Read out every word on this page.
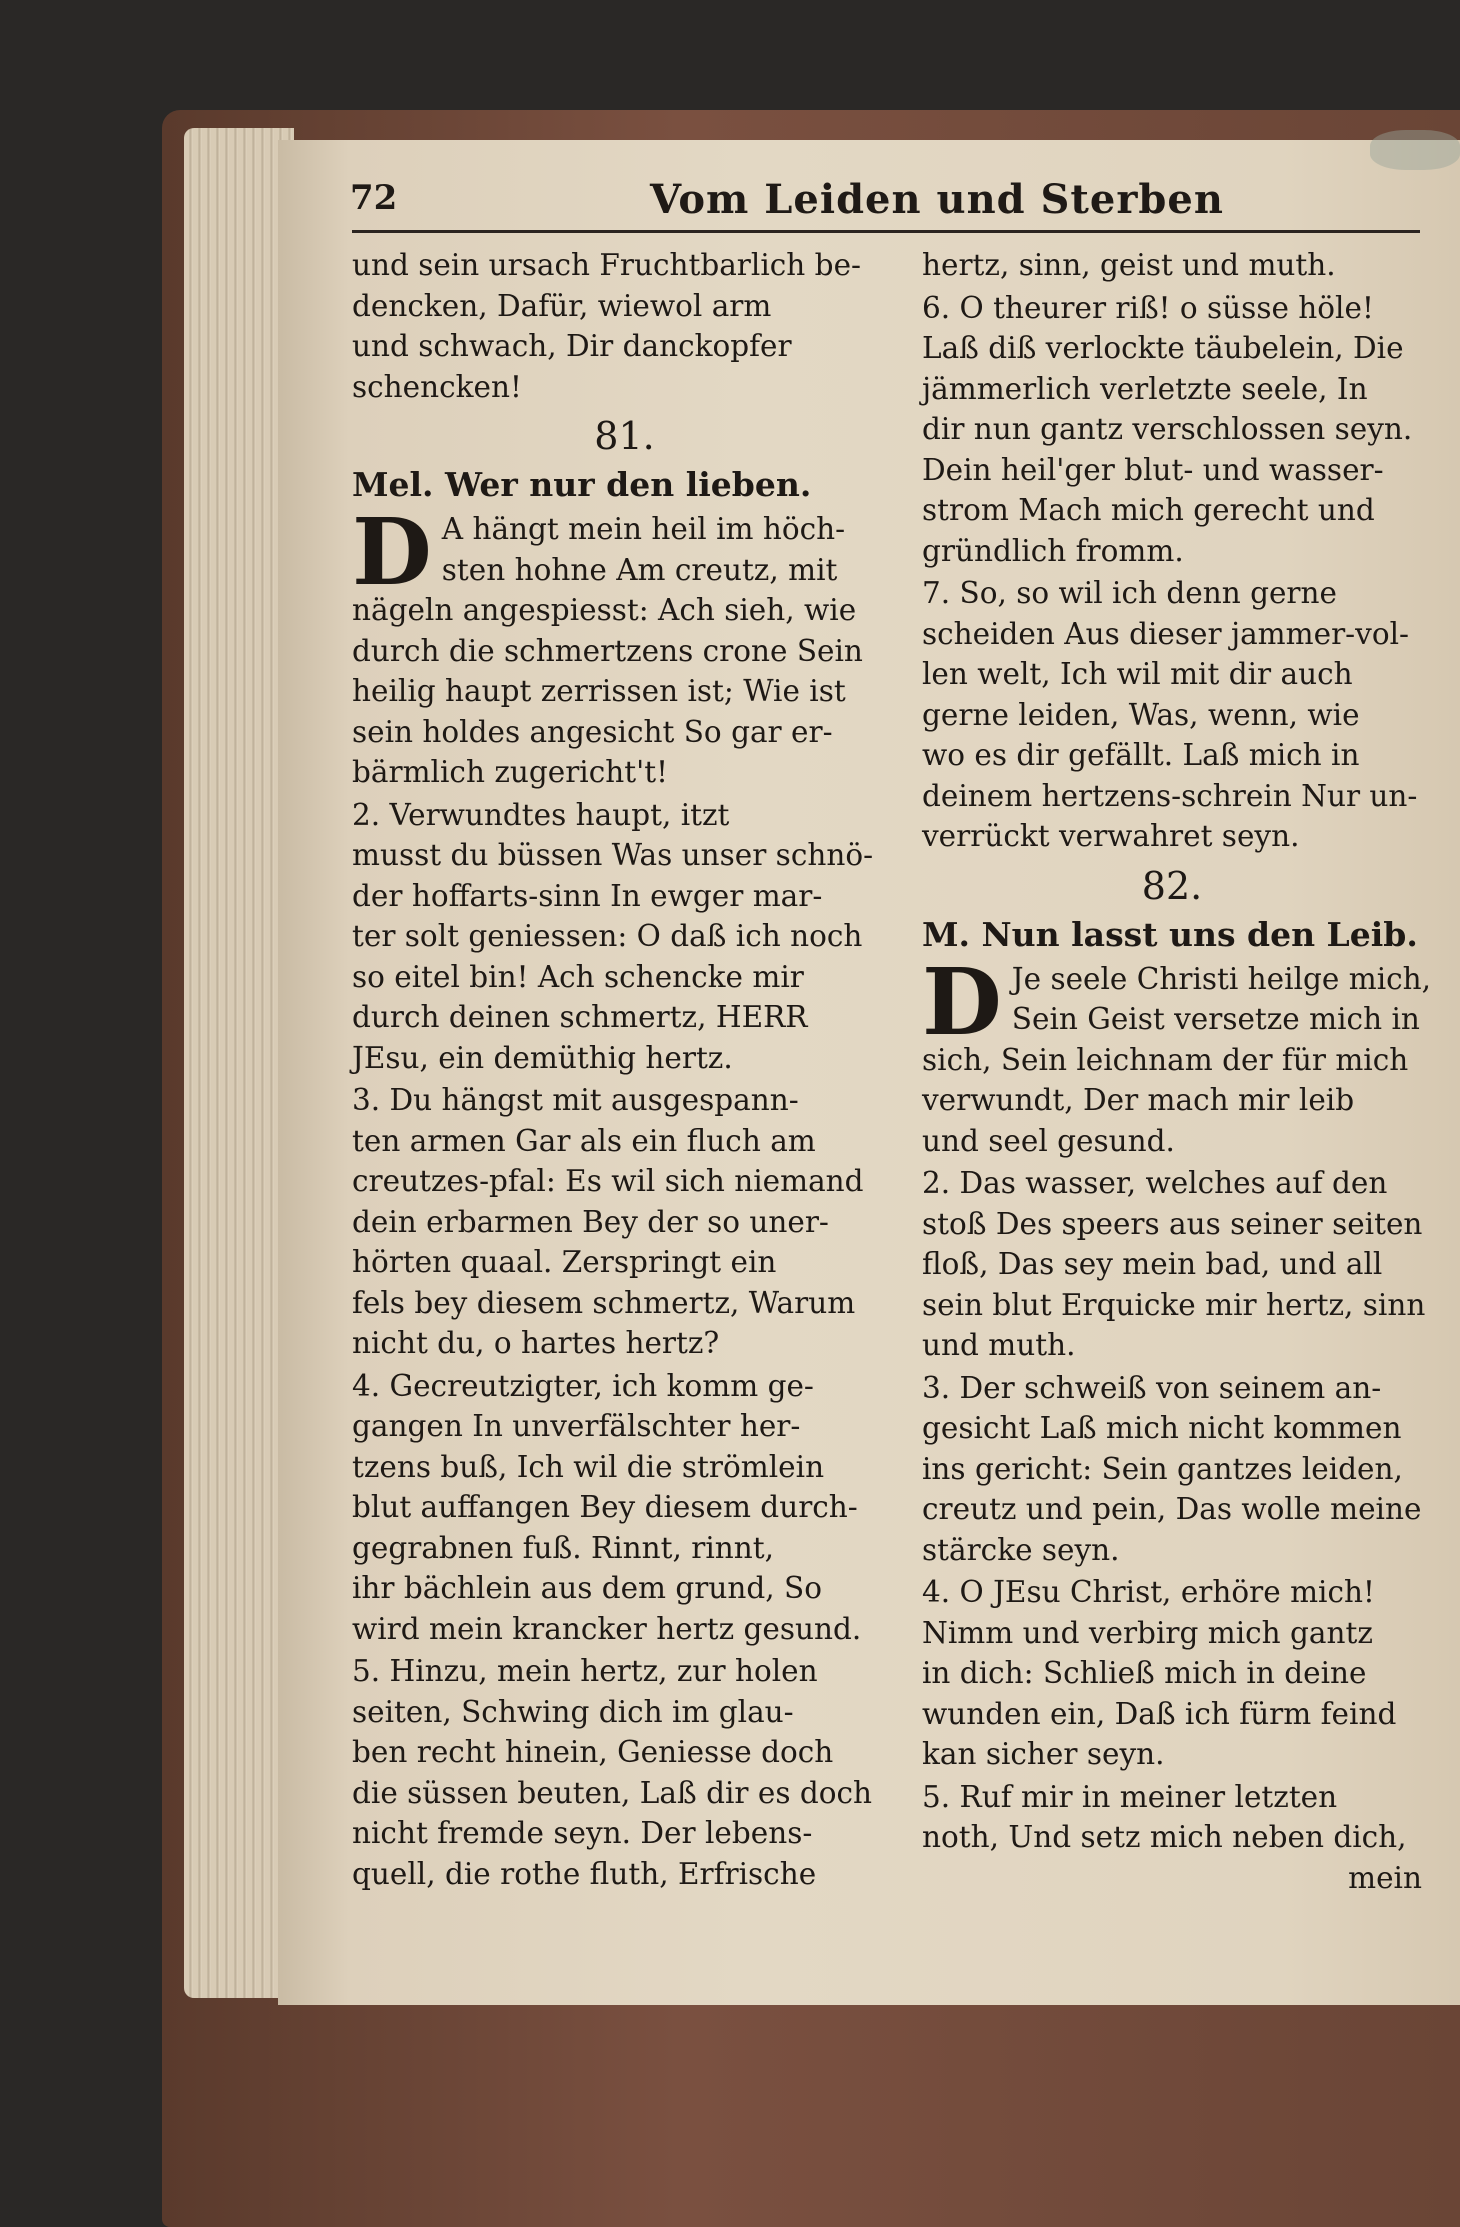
72	Vom Leiden und Sterben
und sein ursach Fruchtbarlich be-
dencken, Dafür, wiewol arm
und schwach, Dir danckopfer
schencken!
81.
Mel. Wer nur den lieben.
D A hängt mein heil im höch-
sten hohne Am creutz, mit
nägeln angespiesst: Ach sieh, wie
durch die schmertzens crone Sein
heilig haupt zerrissen ist; Wie ist
sein holdes angesicht So gar er-
bärmlich zugericht't!
2. Verwundtes haupt, itzt
musst du büssen Was unser schnö-
der hoffarts-sinn In ewger mar-
ter solt geniessen: O daß ich noch
so eitel bin! Ach schencke mir
durch deinen schmertz, HERR
JEsu, ein demüthig hertz.
3. Du hängst mit ausgespann-
ten armen Gar als ein fluch am
creutzes-pfal: Es wil sich niemand
dein erbarmen Bey der so uner-
hörten quaal. Zerspringt ein
fels bey diesem schmertz, Warum
nicht du, o hartes hertz?
4. Gecreutzigter, ich komm ge-
gangen In unverfälschter her-
tzens buß, Ich wil die strömlein
blut auffangen Bey diesem durch-
gegrabnen fuß. Rinnt, rinnt,
ihr bächlein aus dem grund, So
wird mein krancker hertz gesund.
5. Hinzu, mein hertz, zur holen
seiten, Schwing dich im glau-
ben recht hinein, Geniesse doch
die süssen beuten, Laß dir es doch
nicht fremde seyn. Der lebens-
quell, die rothe fluth, Erfrische
hertz, sinn, geist und muth.
6. O theurer riß! o süsse höle!
Laß diß verlockte täubelein, Die
jämmerlich verletzte seele, In
dir nun gantz verschlossen seyn.
Dein heil'ger blut- und wasser-
strom Mach mich gerecht und
gründlich fromm.
7. So, so wil ich denn gerne
scheiden Aus dieser jammer-vol-
len welt, Ich wil mit dir auch
gerne leiden, Was, wenn, wie
wo es dir gefällt. Laß mich in
deinem hertzens-schrein Nur un-
verrückt verwahret seyn.
82.
M. Nun lasst uns den Leib.
D Je seele Christi heilge mich,
Sein Geist versetze mich in
sich, Sein leichnam der für mich
verwundt, Der mach mir leib
und seel gesund.
2. Das wasser, welches auf den
stoß Des speers aus seiner seiten
floß, Das sey mein bad, und all
sein blut Erquicke mir hertz, sinn
und muth.
3. Der schweiß von seinem an-
gesicht Laß mich nicht kommen
ins gericht: Sein gantzes leiden,
creutz und pein, Das wolle meine
stärcke seyn.
4. O JEsu Christ, erhöre mich!
Nimm und verbirg mich gantz
in dich: Schließ mich in deine
wunden ein, Daß ich fürm feind
kan sicher seyn.
5. Ruf mir in meiner letzten
noth, Und setz mich neben dich,
mein
